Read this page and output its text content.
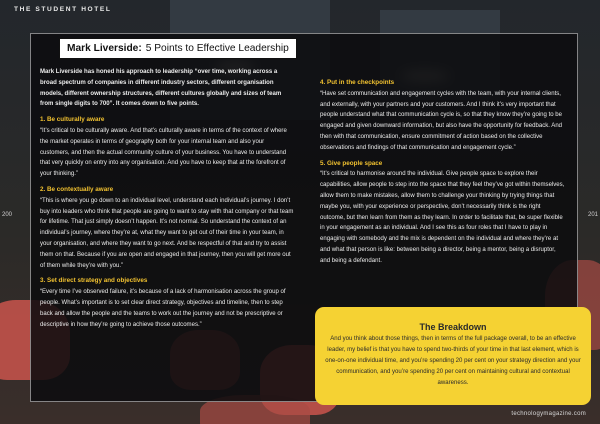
THE STUDENT HOTEL
200	201
Mark Liverside: 5 Points to Effective Leadership

Mark Liverside has honed his approach to leadership “over time, working across a broad spectrum of companies in different industry sectors, different organisation models, different ownership structures, different cultures globally and sizes of team from single digits to 700”. It comes down to five points.

1. Be culturally aware

“It’s critical to be culturally aware. And that’s culturally aware in terms of the context of where the market operates in terms of geography both for your internal team and also your customers, and then the actual community culture of your business. You have to understand that very quickly on entry into any organisation. And you have to keep that at the forefront of your thinking.”

2. Be contextually aware

“This is where you go down to an individual level, understand each individual’s journey. I don’t buy into leaders who think that people are going to want to stay with that company or that team for lifetime. That just simply doesn’t happen. It’s not normal. So understand the context of an individual’s journey, where they’re at, what they want to get out of their time in your team, in your organisation, and where they want to go next. And be respectful of that and try to assist them on that. Because if you are open and engaged in that journey, then you will get more out of them while they’re with you.”

3. Set direct strategy and objectives

“Every time I’ve observed failure, it’s because of a lack of harmonisation across the group of people. What’s important is to set clear direct strategy, objectives and timeline, then to step back and allow the people and the teams to work out the journey and not be prescriptive or descriptive in how they’re going to achieve those outcomes.”

4. Put in the checkpoints

“Have set communication and engagement cycles with the team, with your internal clients, and externally, with your partners and your customers. And I think it’s very important that people understand what that communication cycle is, so that they know they’re going to be engaged and given downward information, but also have the opportunity for feedback. And then with that communication, ensure commitment of action based on the collective observations and findings of that communication and engagement cycle.”

5. Give people space

“It’s critical to harmonise around the individual. Give people space to explore their capabilities, allow people to step into the space that they feel they’ve got within themselves, allow them to make mistakes, allow them to challenge your thinking by trying things that maybe you, with your experience or perspective, don’t necessarily think is the right outcome, but then learn from them as they learn. In order to facilitate that, be super flexible in your engagement as an individual. And I see this as four roles that I have to play in engaging with somebody and the mix is dependent on the individual and where they’re at and what that person is like: between being a director, being a mentor, being a disruptor, and being a defendant.

The Breakdown

And you think about those things, then in terms of the full package overall, to be an effective leader, my belief is that you have to spend two-thirds of your time in that last element, which is one-on-one individual time, and you’re spending 20 per cent on your strategy direction and your communication, and you’re spending 20 per cent on maintaining cultural and contextual awareness.

technologymagazine.com
